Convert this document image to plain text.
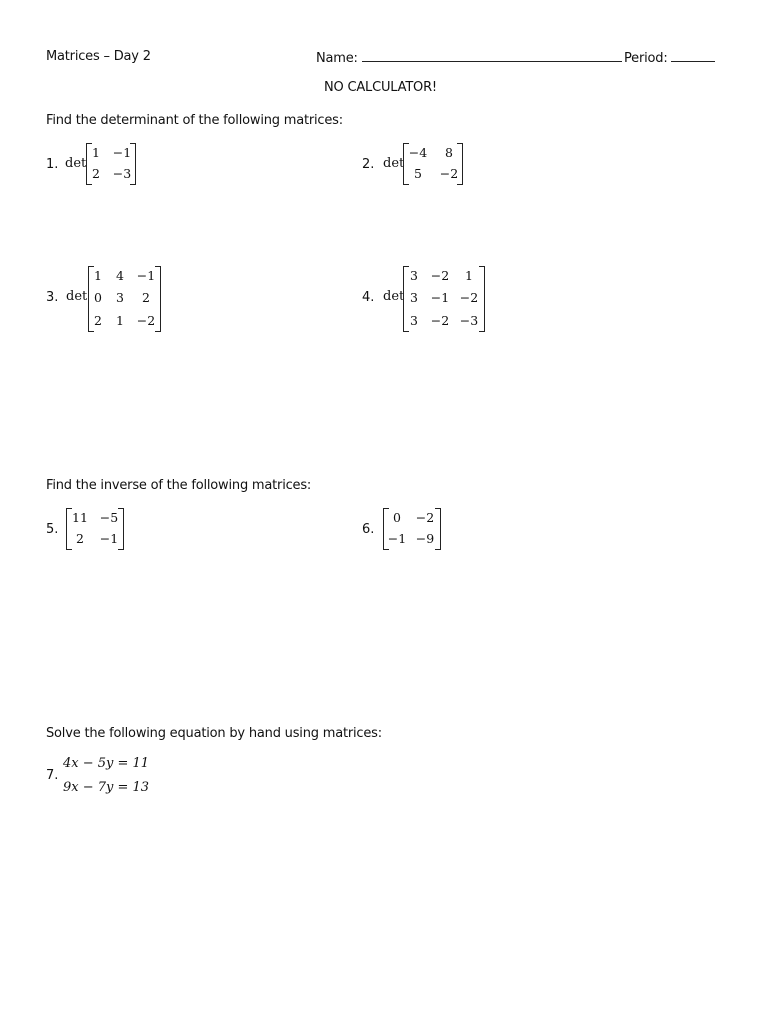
Matrices – Day 2	Name:	Period:
NO CALCULATOR!
Find the determinant of the following matrices:
1. det
1 −1
2 −3
2. det
−4 8
5 −2
3. det
1 4 −1
0 3 2
2 1 −2
4. det
3 −2 1
3 −1 −2
3 −2 −3
Find the inverse of the following matrices:
5.
11 −5
2 −1
6.
0 −2
−1 −9
Solve the following equation by hand using matrices:
7.
4x − 5y = 11
9x − 7y = 13
